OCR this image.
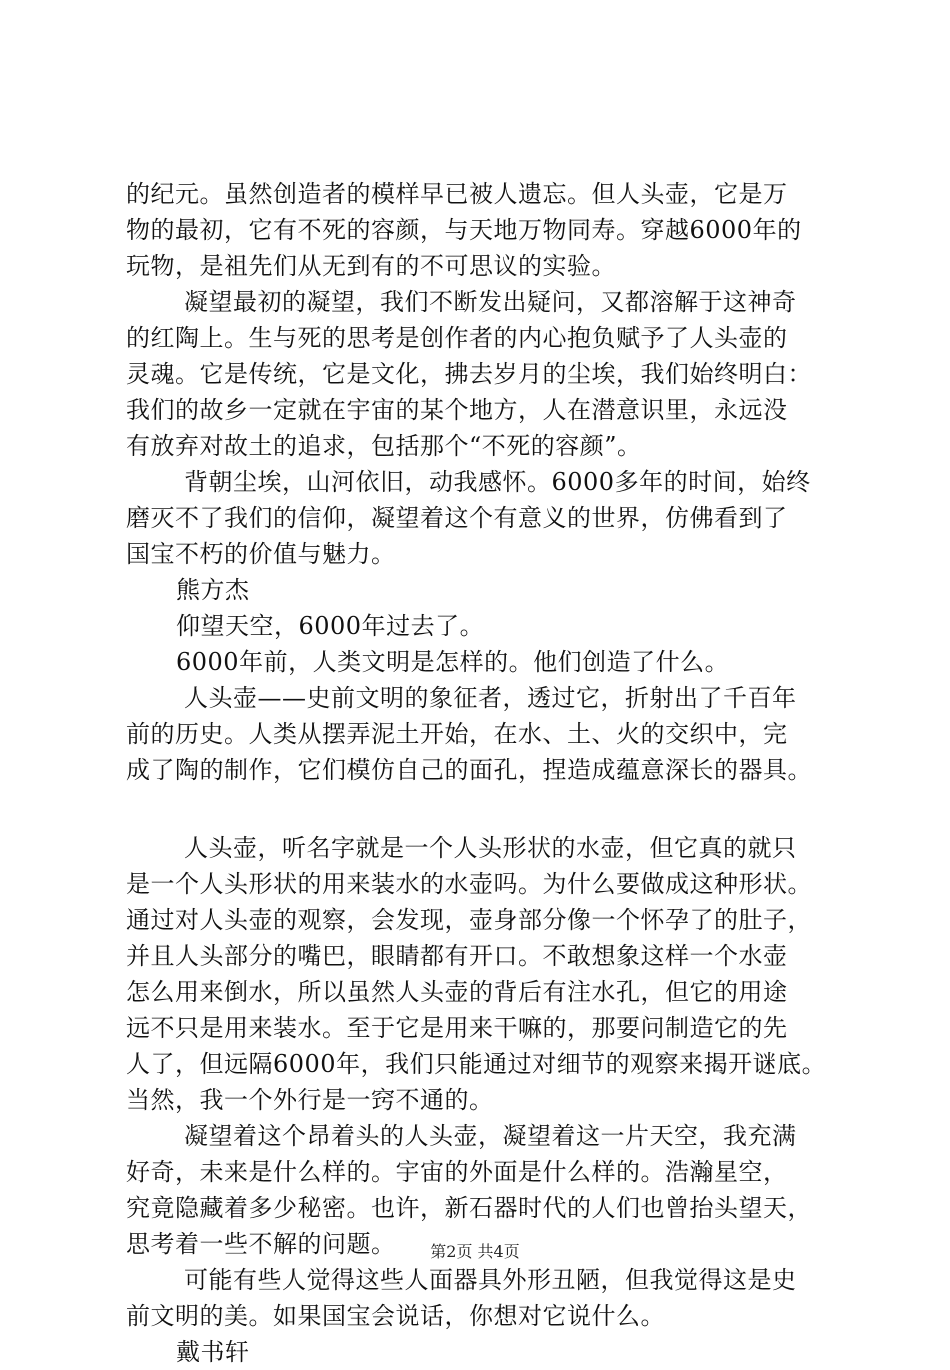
的纪元。虽然创造者的模样早已被人遗忘。但人头壶，它是万
物的最初，它有不死的容颜，与天地万物同寿。穿越6000年的
玩物，是祖先们从无到有的不可思议的实验。
凝望最初的凝望，我们不断发出疑问，又都溶解于这神奇
的红陶上。生与死的思考是创作者的内心抱负赋予了人头壶的
灵魂。它是传统，它是文化，拂去岁月的尘埃，我们始终明白：
我们的故乡一定就在宇宙的某个地方，人在潜意识里，永远没
有放弃对故土的追求，包括那个“不死的容颜”。
背朝尘埃，山河依旧，动我感怀。6000多年的时间，始终
磨灭不了我们的信仰，凝望着这个有意义的世界，仿佛看到了
国宝不朽的价值与魅力。
熊方杰
仰望天空，6000年过去了。
6000年前，人类文明是怎样的。他们创造了什么。
人头壶——史前文明的象征者，透过它，折射出了千百年
前的历史。人类从摆弄泥土开始，在水、土、火的交织中，完
成了陶的制作，它们模仿自己的面孔，捏造成蕴意深长的器具。
人头壶，听名字就是一个人头形状的水壶，但它真的就只
是一个人头形状的用来装水的水壶吗。为什么要做成这种形状。
通过对人头壶的观察，会发现，壶身部分像一个怀孕了的肚子，
并且人头部分的嘴巴，眼睛都有开口。不敢想象这样一个水壶
怎么用来倒水，所以虽然人头壶的背后有注水孔，但它的用途
远不只是用来装水。至于它是用来干嘛的，那要问制造它的先
人了，但远隔6000年，我们只能通过对细节的观察来揭开谜底。
当然，我一个外行是一窍不通的。
凝望着这个昂着头的人头壶，凝望着这一片天空，我充满
好奇，未来是什么样的。宇宙的外面是什么样的。浩瀚星空，
究竟隐藏着多少秘密。也许，新石器时代的人们也曾抬头望天，
思考着一些不解的问题。
可能有些人觉得这些人面器具外形丑陋，但我觉得这是史
前文明的美。如果国宝会说话，你想对它说什么。
戴书轩
第2页 共4页
